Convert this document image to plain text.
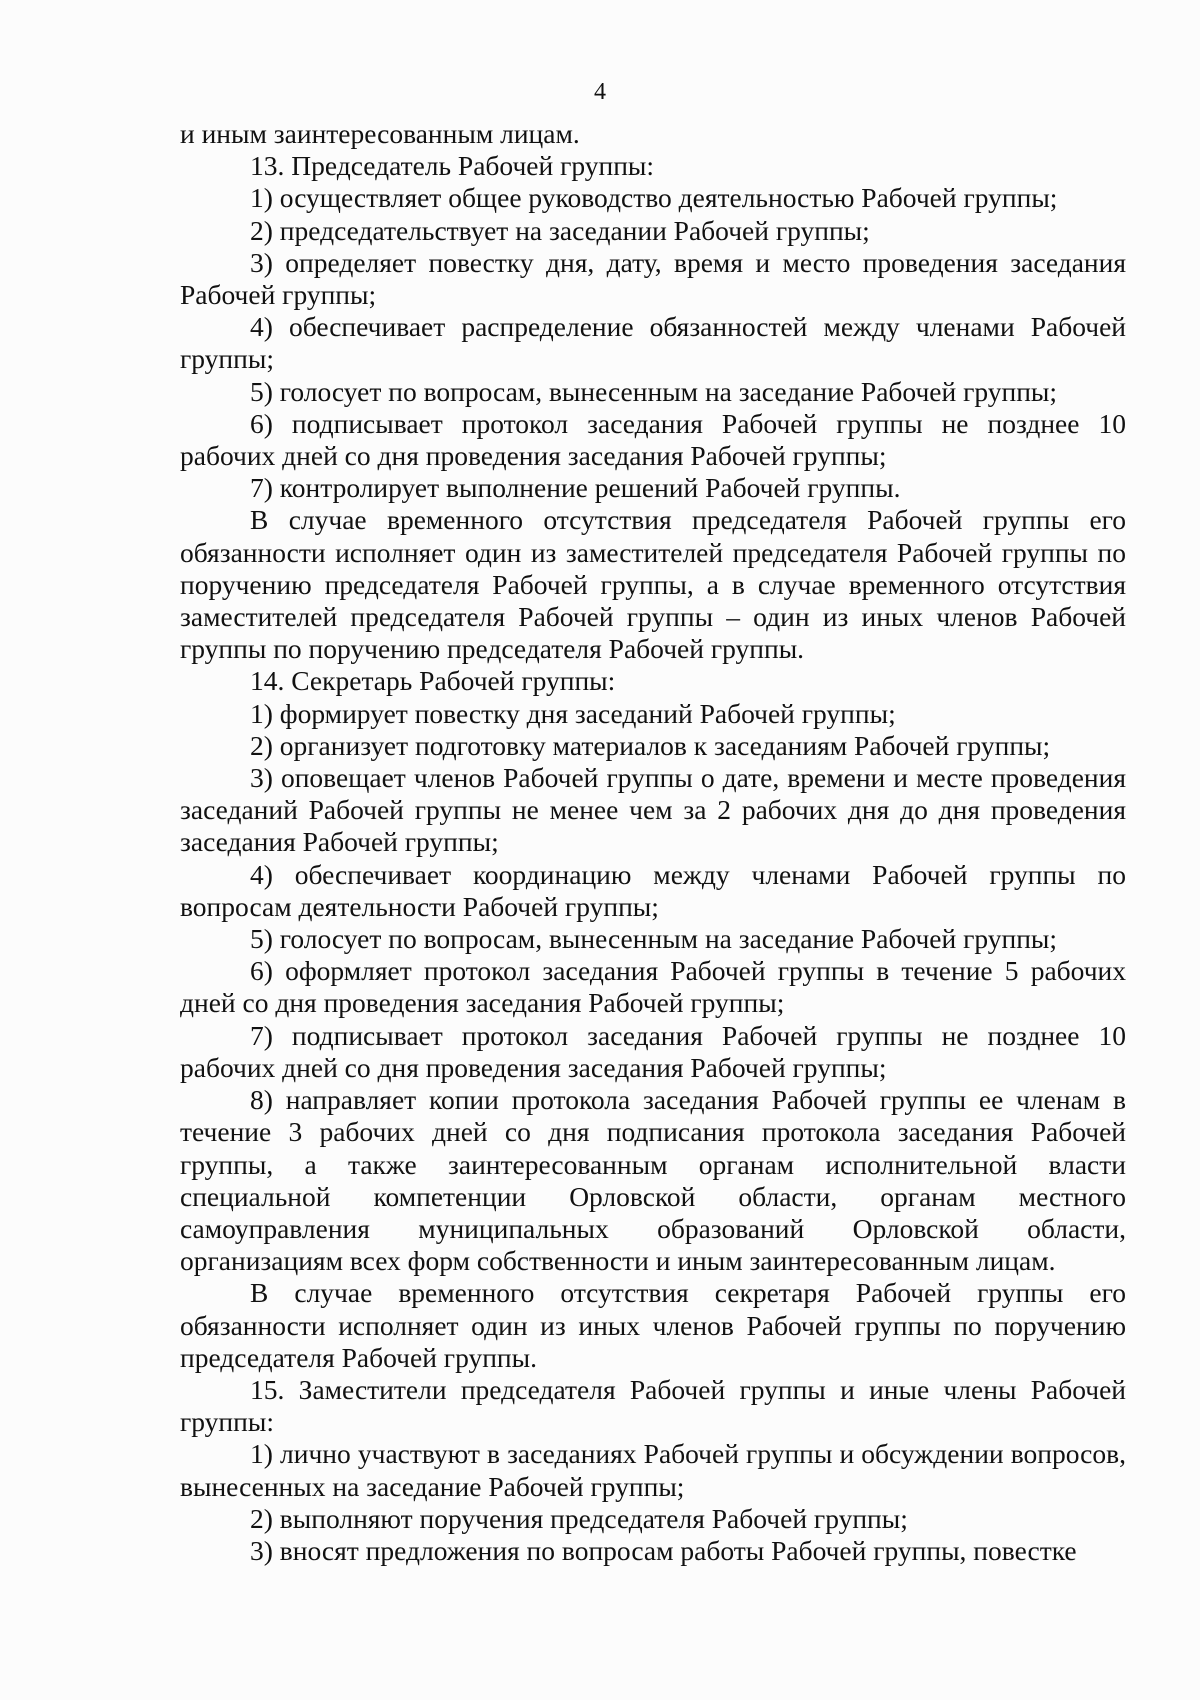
4

и иным заинтересованным лицам.

13. Председатель Рабочей группы:

1) осуществляет общее руководство деятельностью Рабочей группы;

2) председательствует на заседании Рабочей группы;

3) определяет повестку дня, дату, время и место проведения заседания Рабочей группы;

4) обеспечивает распределение обязанностей между членами Рабочей группы;

5) голосует по вопросам, вынесенным на заседание Рабочей группы;

6) подписывает протокол заседания Рабочей группы не позднее 10 рабочих дней со дня проведения заседания Рабочей группы;

7) контролирует выполнение решений Рабочей группы.

В случае временного отсутствия председателя Рабочей группы его обязанности исполняет один из заместителей председателя Рабочей группы по поручению председателя Рабочей группы, а в случае временного отсутствия заместителей председателя Рабочей группы – один из иных членов Рабочей группы по поручению председателя Рабочей группы.

14. Секретарь Рабочей группы:

1) формирует повестку дня заседаний Рабочей группы;

2) организует подготовку материалов к заседаниям Рабочей группы;

3) оповещает членов Рабочей группы о дате, времени и месте проведения заседаний Рабочей группы не менее чем за 2 рабочих дня до дня проведения заседания Рабочей группы;

4) обеспечивает координацию между членами Рабочей группы по вопросам деятельности Рабочей группы;

5) голосует по вопросам, вынесенным на заседание Рабочей группы;

6) оформляет протокол заседания Рабочей группы в течение 5 рабочих дней со дня проведения заседания Рабочей группы;

7) подписывает протокол заседания Рабочей группы не позднее 10 рабочих дней со дня проведения заседания Рабочей группы;

8) направляет копии протокола заседания Рабочей группы ее членам в течение 3 рабочих дней со дня подписания протокола заседания Рабочей группы, а также заинтересованным органам исполнительной власти специальной компетенции Орловской области, органам местного самоуправления муниципальных образований Орловской области, организациям всех форм собственности и иным заинтересованным лицам.

В случае временного отсутствия секретаря Рабочей группы его обязанности исполняет один из иных членов Рабочей группы по поручению председателя Рабочей группы.

15. Заместители председателя Рабочей группы и иные члены Рабочей группы:

1) лично участвуют в заседаниях Рабочей группы и обсуждении вопросов, вынесенных на заседание Рабочей группы;

2) выполняют поручения председателя Рабочей группы;

3) вносят предложения по вопросам работы Рабочей группы, повестке
